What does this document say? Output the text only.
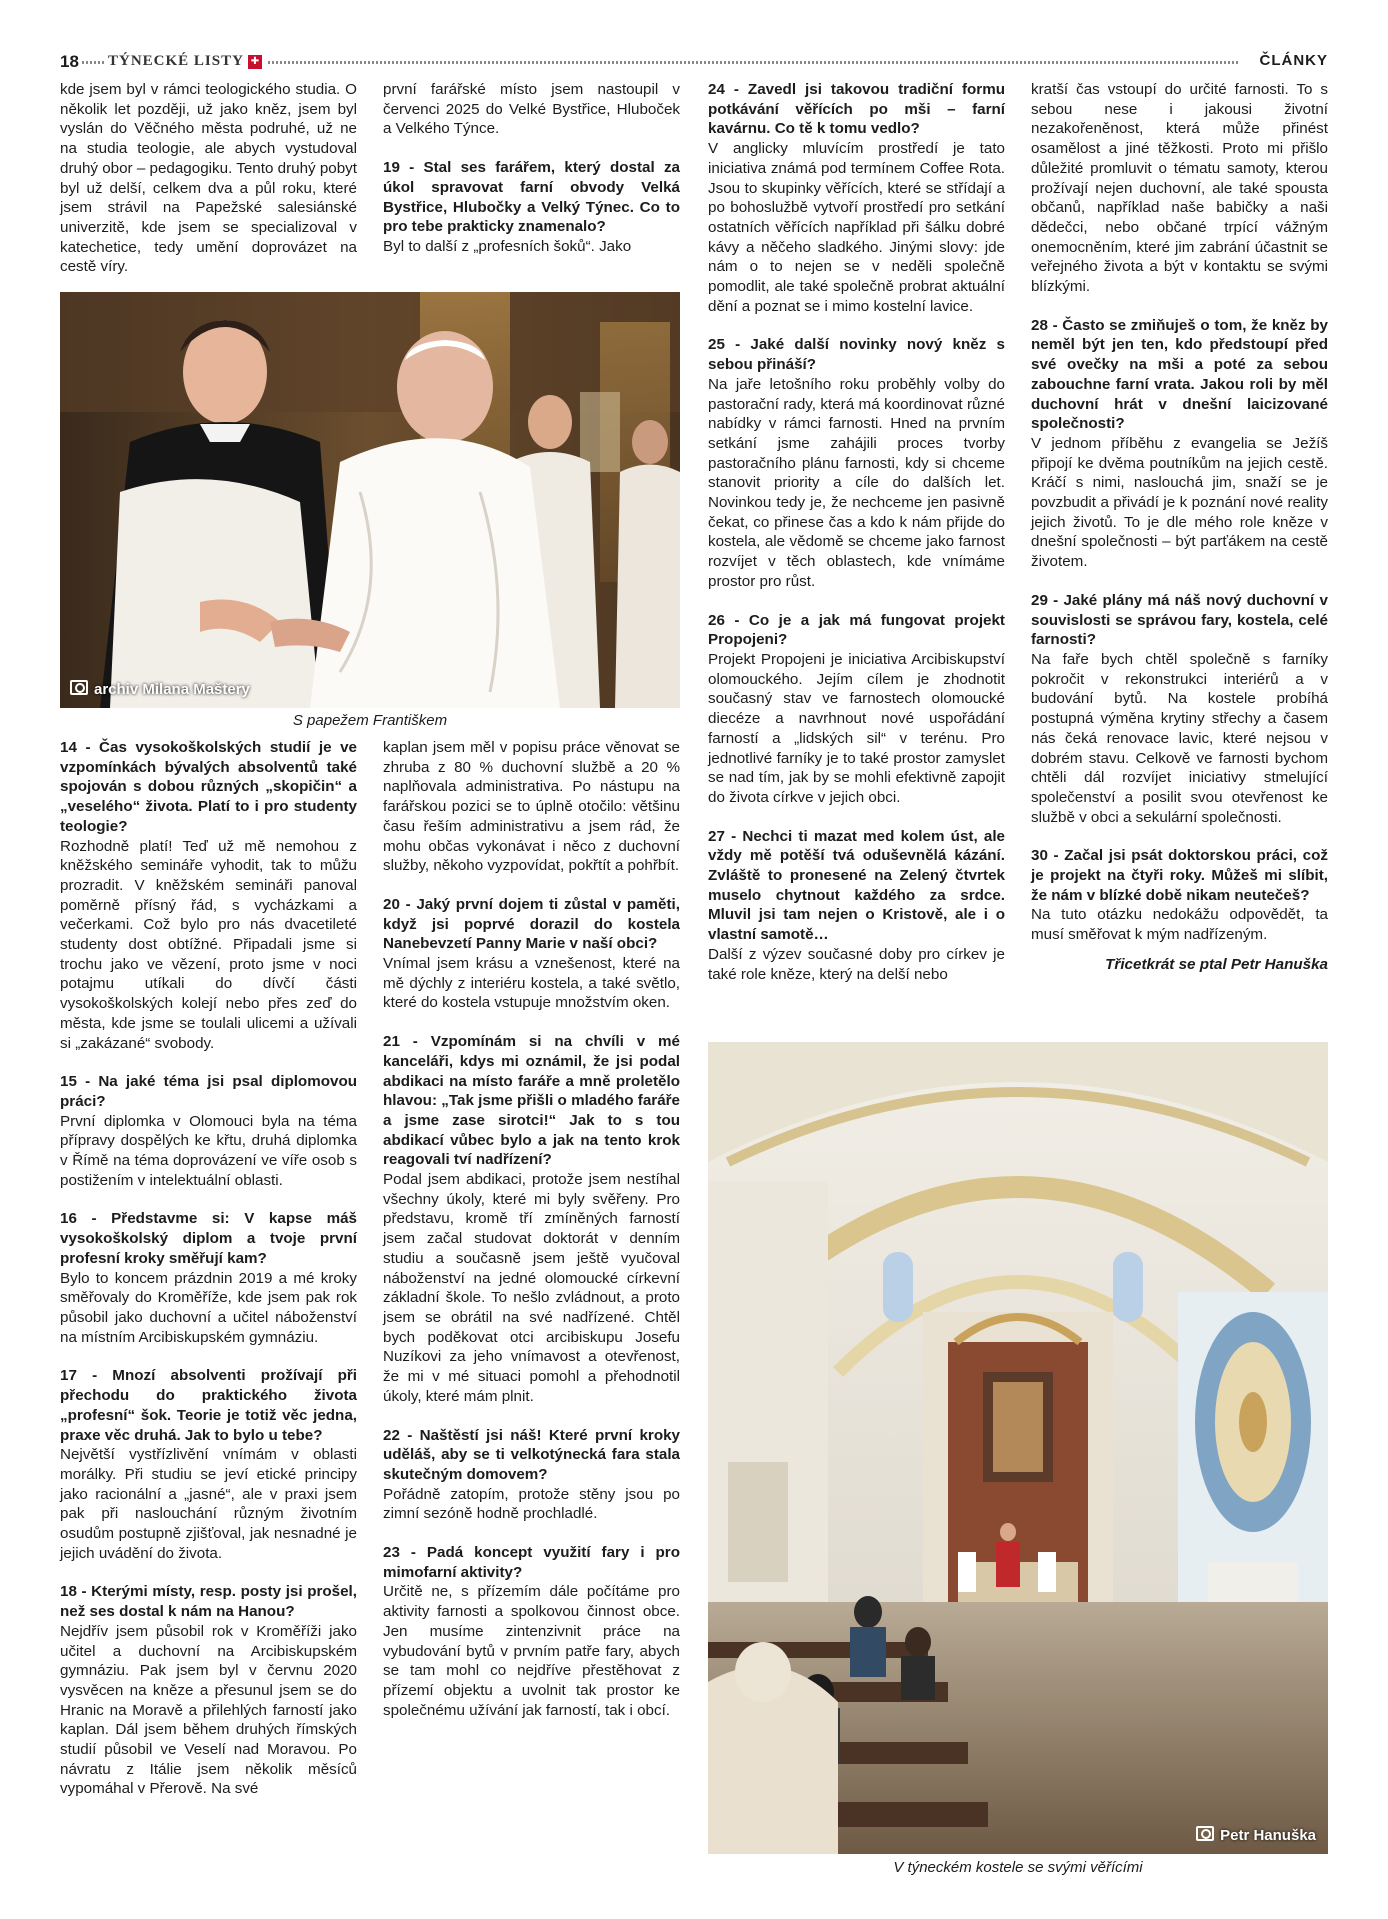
18 TÝNECKÉ LISTY ✚	ČLÁNKY

kde jsem byl v rámci teologického studia. O několik let později, už jako kněz, jsem byl vyslán do Věčného města podruhé, už ne na studia teologie, ale abych vystudoval druhý obor – pedagogiku. Tento druhý pobyt byl už delší, celkem dva a půl roku, které jsem strávil na Papežské salesiánské univerzitě, kde jsem se specializoval v katechetice, tedy umění doprovázet na cestě víry.

první farářské místo jsem nastoupil v červenci 2025 do Velké Bystřice, Hluboček a Velkého Týnce.

19 - Stal ses farářem, který dostal za úkol spravovat farní obvody Velká Bystřice, Hlubočky a Velký Týnec. Co to pro tebe prakticky znamenalo?
Byl to další z „profesních šoků“. Jako
archiv Milana Maštery
S papežem Františkem

14 - Čas vysokoškolských studií je ve vzpomínkách bývalých absolventů také spojován s dobou různých „skopičin“ a „veselého“ života. Platí to i pro studenty teologie?
Rozhodně platí! Teď už mě nemohou z kněžského semináře vyhodit, tak to můžu prozradit. V kněžském semináři panoval poměrně přísný řád, s vycházkami a večerkami. Což bylo pro nás dvacetileté studenty dost obtížné. Připadali jsme si trochu jako ve vězení, proto jsme v noci potajmu utíkali do dívčí části vysokoškolských kolejí nebo přes zeď do města, kde jsme se toulali ulicemi a užívali si „zakázané“ svobody.

15 - Na jaké téma jsi psal diplomovou práci?
První diplomka v Olomouci byla na téma přípravy dospělých ke křtu, druhá diplomka v Římě na téma doprovázení ve víře osob s postižením v intelektuální oblasti.

16 - Představme si: V kapse máš vysokoškolský diplom a tvoje první profesní kroky směřují kam?
Bylo to koncem prázdnin 2019 a mé kroky směřovaly do Kroměříže, kde jsem pak rok působil jako duchovní a učitel náboženství na místním Arcibiskupském gymnáziu.

17 - Mnozí absolventi prožívají při přechodu do praktického života „profesní“ šok. Teorie je totiž věc jedna, praxe věc druhá. Jak to bylo u tebe?
Největší vystřízlivění vnímám v oblasti morálky. Při studiu se jeví etické principy jako racionální a „jasné“, ale v praxi jsem pak při naslouchání různým životním osudům postupně zjišťoval, jak nesnadné je jejich uvádění do života.

18 - Kterými místy, resp. posty jsi prošel, než ses dostal k nám na Hanou?
Nejdřív jsem působil rok v Kroměříži jako učitel a duchovní na Arcibiskupském gymnáziu. Pak jsem byl v červnu 2020 vysvěcen na kněze a přesunul jsem se do Hranic na Moravě a přilehlých farností jako kaplan. Dál jsem během druhých římských studií působil ve Veselí nad Moravou. Po návratu z Itálie jsem několik měsíců vypomáhal v Přerově. Na své

kaplan jsem měl v popisu práce věnovat se zhruba z 80 % duchovní službě a 20 % naplňovala administrativa. Po nástupu na farářskou pozici se to úplně otočilo: většinu času řeším administrativu a jsem rád, že mohu občas vykonávat i něco z duchovní služby, někoho vyzpovídat, pokřtít a pohřbít.

20 - Jaký první dojem ti zůstal v paměti, když jsi poprvé dorazil do kostela Nanebevzetí Panny Marie v naší obci?
Vnímal jsem krásu a vznešenost, které na mě dýchly z interiéru kostela, a také světlo, které do kostela vstupuje množstvím oken.

21 - Vzpomínám si na chvíli v mé kanceláři, kdys mi oznámil, že jsi podal abdikaci na místo faráře a mně proletělo hlavou: „Tak jsme přišli o mladého faráře a jsme zase sirotci!“ Jak to s tou abdikací vůbec bylo a jak na tento krok reagovali tví nadřízení?
Podal jsem abdikaci, protože jsem nestíhal všechny úkoly, které mi byly svěřeny. Pro představu, kromě tří zmíněných farností jsem začal studovat doktorát v denním studiu a současně jsem ještě vyučoval náboženství na jedné olomoucké církevní základní škole. To nešlo zvládnout, a proto jsem se obrátil na své nadřízené. Chtěl bych poděkovat otci arcibiskupu Josefu Nuzíkovi za jeho vnímavost a otevřenost, že mi v mé situaci pomohl a přehodnotil úkoly, které mám plnit.

22 - Naštěstí jsi náš! Které první kroky uděláš, aby se ti velkotýnecká fara stala skutečným domovem?
Pořádně zatopím, protože stěny jsou po zimní sezóně hodně prochladlé.

23 - Padá koncept využití fary i pro mimofarní aktivity?
Určitě ne, s přízemím dále počítáme pro aktivity farnosti a spolkovou činnost obce. Jen musíme zintenzivnit práce na vybudování bytů v prvním patře fary, abych se tam mohl co nejdříve přestěhovat z přízemí objektu a uvolnit tak prostor ke společnému užívání jak farností, tak i obcí.

24 - Zavedl jsi takovou tradiční formu potkávání věřících po mši – farní kavárnu. Co tě k tomu vedlo?
V anglicky mluvícím prostředí je tato iniciativa známá pod termínem Coffee Rota. Jsou to skupinky věřících, které se střídají a po bohoslužbě vytvoří prostředí pro setkání ostatních věřících například při šálku dobré kávy a něčeho sladkého. Jinými slovy: jde nám o to nejen se v neděli společně pomodlit, ale také společně probrat aktuální dění a poznat se i mimo kostelní lavice.

25 - Jaké další novinky nový kněz s sebou přináší?
Na jaře letošního roku proběhly volby do pastorační rady, která má koordinovat různé nabídky v rámci farnosti. Hned na prvním setkání jsme zahájili proces tvorby pastoračního plánu farnosti, kdy si chceme stanovit priority a cíle do dalších let. Novinkou tedy je, že nechceme jen pasivně čekat, co přinese čas a kdo k nám přijde do kostela, ale vědomě se chceme jako farnost rozvíjet v těch oblastech, kde vnímáme prostor pro růst.

26 - Co je a jak má fungovat projekt Propojeni?
Projekt Propojeni je iniciativa Arcibiskupství olomouckého. Jejím cílem je zhodnotit současný stav ve farnostech olomoucké diecéze a navrhnout nové uspořádání farností a „lidských sil“ v terénu. Pro jednotlivé farníky je to také prostor zamyslet se nad tím, jak by se mohli efektivně zapojit do života církve v jejich obci.

27 - Nechci ti mazat med kolem úst, ale vždy mě potěší tvá oduševnělá kázání. Zvláště to pronesené na Zelený čtvrtek muselo chytnout každého za srdce. Mluvil jsi tam nejen o Kristově, ale i o vlastní samotě…
Další z výzev současné doby pro církev je také role kněze, který na delší nebo

kratší čas vstoupí do určité farnosti. To s sebou nese i jakousi životní nezakořeněnost, která může přinést osamělost a jiné těžkosti. Proto mi přišlo důležité promluvit o tématu samoty, kterou prožívají nejen duchovní, ale také spousta občanů, například naše babičky a naši dědečci, nebo občané trpící vážným onemocněním, které jim zabrání účastnit se veřejného života a být v kontaktu se svými blízkými.

28 - Často se zmiňuješ o tom, že kněz by neměl být jen ten, kdo předstoupí před své ovečky na mši a poté za sebou zabouchne farní vrata. Jakou roli by měl duchovní hrát v dnešní laicizované společnosti?
V jednom příběhu z evangelia se Ježíš připojí ke dvěma poutníkům na jejich cestě. Kráčí s nimi, naslouchá jim, snaží se je povzbudit a přivádí je k poznání nové reality jejich životů. To je dle mého role kněze v dnešní společnosti – být parťákem na cestě životem.

29 - Jaké plány má náš nový duchovní v souvislosti se správou fary, kostela, celé farnosti?
Na faře bych chtěl společně s farníky pokročit v rekonstrukci interiérů a v budování bytů. Na kostele probíhá postupná výměna krytiny střechy a časem nás čeká renovace lavic, které nejsou v dobrém stavu. Celkově ve farnosti bychom chtěli dál rozvíjet iniciativy stmelující společenství a posilit svou otevřenost ke službě v obci a sekulární společnosti.

30 - Začal jsi psát doktorskou práci, což je projekt na čtyři roky. Můžeš mi slíbit, že nám v blízké době nikam neutečeš?
Na tuto otázku nedokážu odpovědět, ta musí směřovat k mým nadřízeným.

Třicetkrát se ptal Petr Hanuška
Petr Hanuška
V týneckém kostele se svými věřícími
